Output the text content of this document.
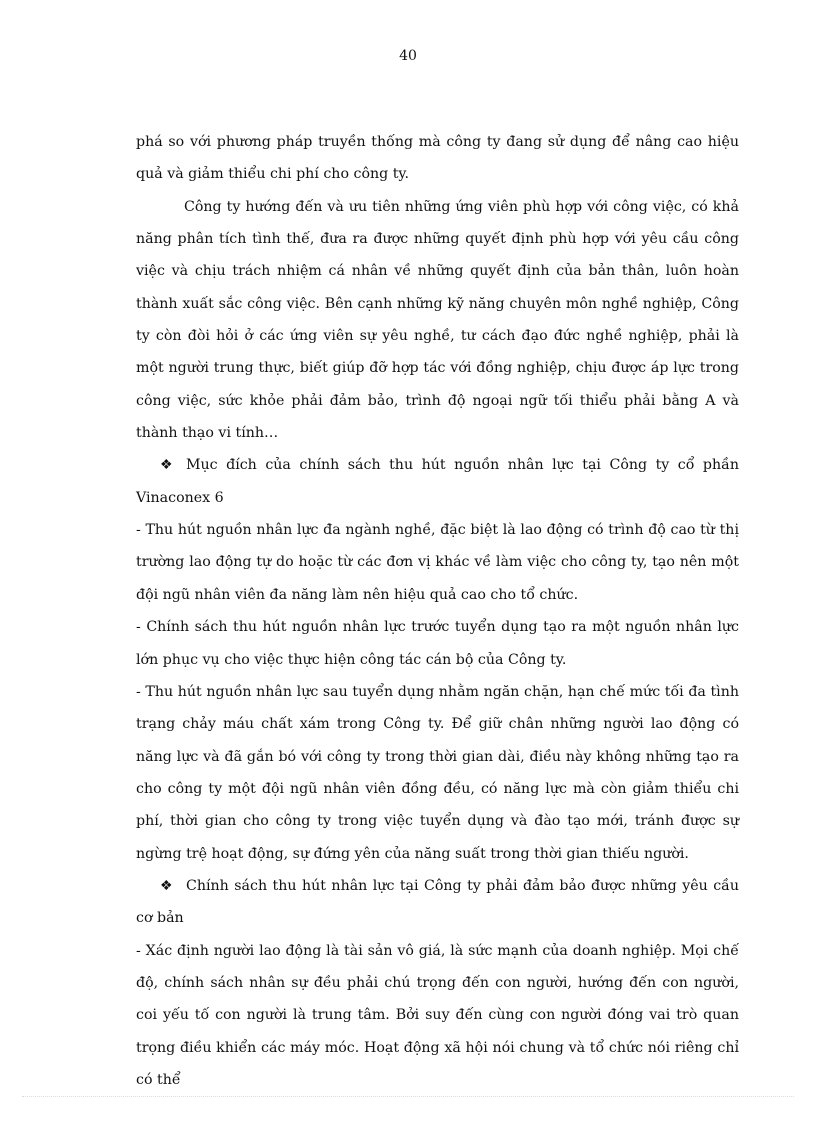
40

phá so với phương pháp truyền thống mà công ty đang sử dụng để nâng cao hiệu quả và giảm thiểu chi phí cho công ty.

Công ty hướng đến và ưu tiên những ứng viên phù hợp với công việc, có khả năng phân tích tình thế, đưa ra được những quyết định phù hợp với yêu cầu công việc và chịu trách nhiệm cá nhân về những quyết định của bản thân, luôn hoàn thành xuất sắc công việc. Bên cạnh những kỹ năng chuyên môn nghề nghiệp, Công ty còn đòi hỏi ở các ứng viên sự yêu nghề, tư cách đạo đức nghề nghiệp, phải là một người trung thực, biết giúp đỡ hợp tác với đồng nghiệp, chịu được áp lực trong công việc, sức khỏe phải đảm bảo, trình độ ngoại ngữ tối thiểu phải bằng A và thành thạo vi tính…

❖ Mục đích của chính sách thu hút nguồn nhân lực tại Công ty cổ phần Vinaconex 6

- Thu hút nguồn nhân lực đa ngành nghề, đặc biệt là lao động có trình độ cao từ thị trường lao động tự do hoặc từ các đơn vị khác về làm việc cho công ty, tạo nên một đội ngũ nhân viên đa năng làm nên hiệu quả cao cho tổ chức.

- Chính sách thu hút nguồn nhân lực trước tuyển dụng tạo ra một nguồn nhân lực lớn phục vụ cho việc thực hiện công tác cán bộ của Công ty.

- Thu hút nguồn nhân lực sau tuyển dụng nhằm ngăn chặn, hạn chế mức tối đa tình trạng chảy máu chất xám trong Công ty. Để giữ chân những người lao động có năng lực và đã gắn bó với công ty trong thời gian dài, điều này không những tạo ra cho công ty một đội ngũ nhân viên đồng đều, có năng lực mà còn giảm thiểu chi phí, thời gian cho công ty trong việc tuyển dụng và đào tạo mới, tránh được sự ngừng trệ hoạt động, sự đứng yên của năng suất trong thời gian thiếu người.

❖ Chính sách thu hút nhân lực tại Công ty phải đảm bảo được những yêu cầu cơ bản

- Xác định người lao động là tài sản vô giá, là sức mạnh của doanh nghiệp. Mọi chế độ, chính sách nhân sự đều phải chú trọng đến con người, hướng đến con người, coi yếu tố con người là trung tâm. Bởi suy đến cùng con người đóng vai trò quan trọng điều khiển các máy móc. Hoạt động xã hội nói chung và tổ chức nói riêng chỉ có thể
